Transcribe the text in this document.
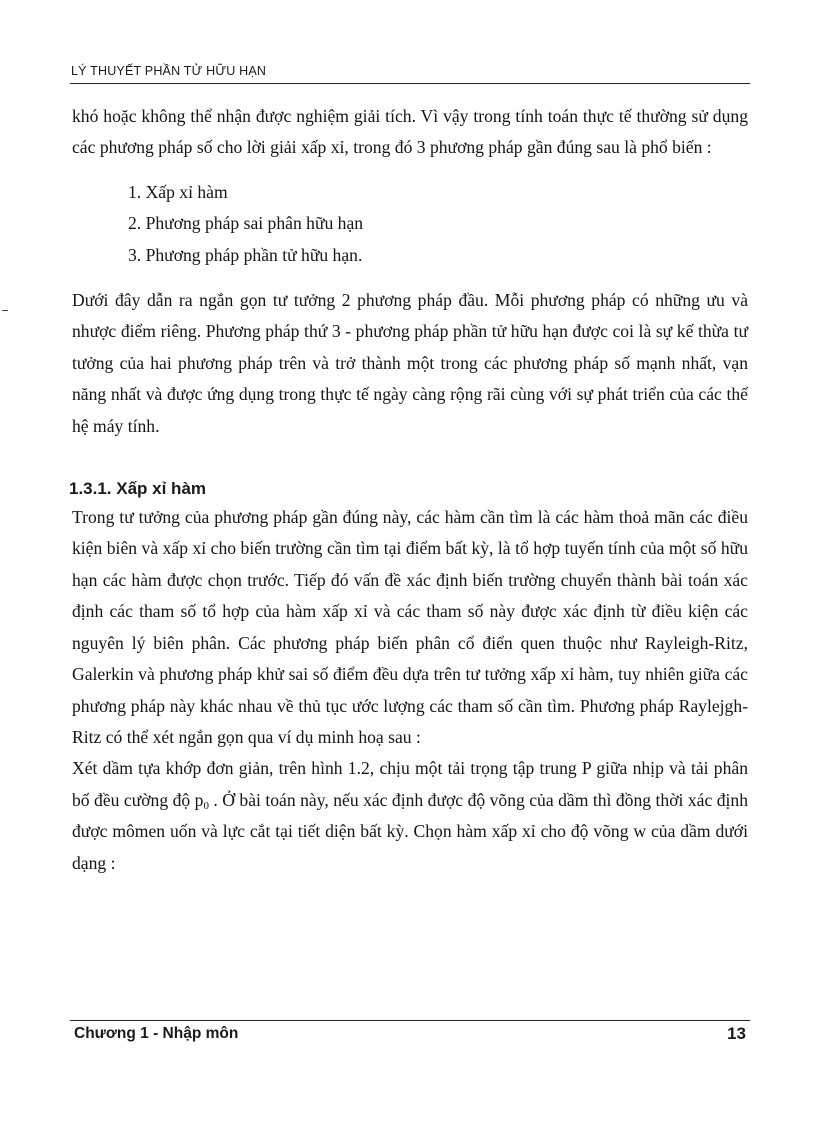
LÝ THUYẾT PHẦN TỬ HỮU HẠN

khó hoặc không thể nhận được nghiệm giải tích. Vì vậy trong tính toán thực tế thường sử dụng các phương pháp số cho lời giải xấp xỉ, trong đó 3 phương pháp gần đúng sau là phổ biến :

1. Xấp xỉ hàm
2. Phương pháp sai phân hữu hạn
3. Phương pháp phần tử hữu hạn.

Dưới đây dẫn ra ngắn gọn tư tưởng 2 phương pháp đầu. Mỗi phương pháp có những ưu và nhược điểm riêng. Phương pháp thứ 3 - phương pháp phần tử hữu hạn được coi là sự kế thừa tư tưởng của hai phương pháp trên và trở thành một trong các phương pháp số mạnh nhất, vạn năng nhất và được ứng dụng trong thực tế ngày càng rộng rãi cùng với sự phát triển của các thế hệ máy tính.

1.3.1. Xấp xỉ hàm

Trong tư tưởng của phương pháp gần đúng này, các hàm cần tìm là các hàm thoả mãn các điều kiện biên và xấp xỉ cho biến trường cần tìm tại điểm bất kỳ, là tổ hợp tuyến tính của một số hữu hạn các hàm được chọn trước. Tiếp đó vấn đề xác định biến trường chuyển thành bài toán xác định các tham số tổ hợp của hàm xấp xỉ và các tham số này được xác định từ điều kiện các nguyên lý biên phân. Các phương pháp biến phân cổ điển quen thuộc như Rayleigh-Ritz, Galerkin và phương pháp khử sai số điểm đều dựa trên tư tưởng xấp xỉ hàm, tuy nhiên giữa các phương pháp này khác nhau về thủ tục ước lượng các tham số cần tìm. Phương pháp Raylejgh-Ritz có thể xét ngắn gọn qua ví dụ minh hoạ sau :

Xét dầm tựa khớp đơn giản, trên hình 1.2, chịu một tải trọng tập trung P giữa nhịp và tải phân bố đều cường độ $p_0$ . Ở bài toán này, nếu xác định được độ võng của dầm thì đồng thời xác định được mômen uốn và lực cắt tại tiết diện bất kỳ. Chọn hàm xấp xỉ cho độ võng w của dầm dưới dạng :

Chương 1 - Nhập môn	13
